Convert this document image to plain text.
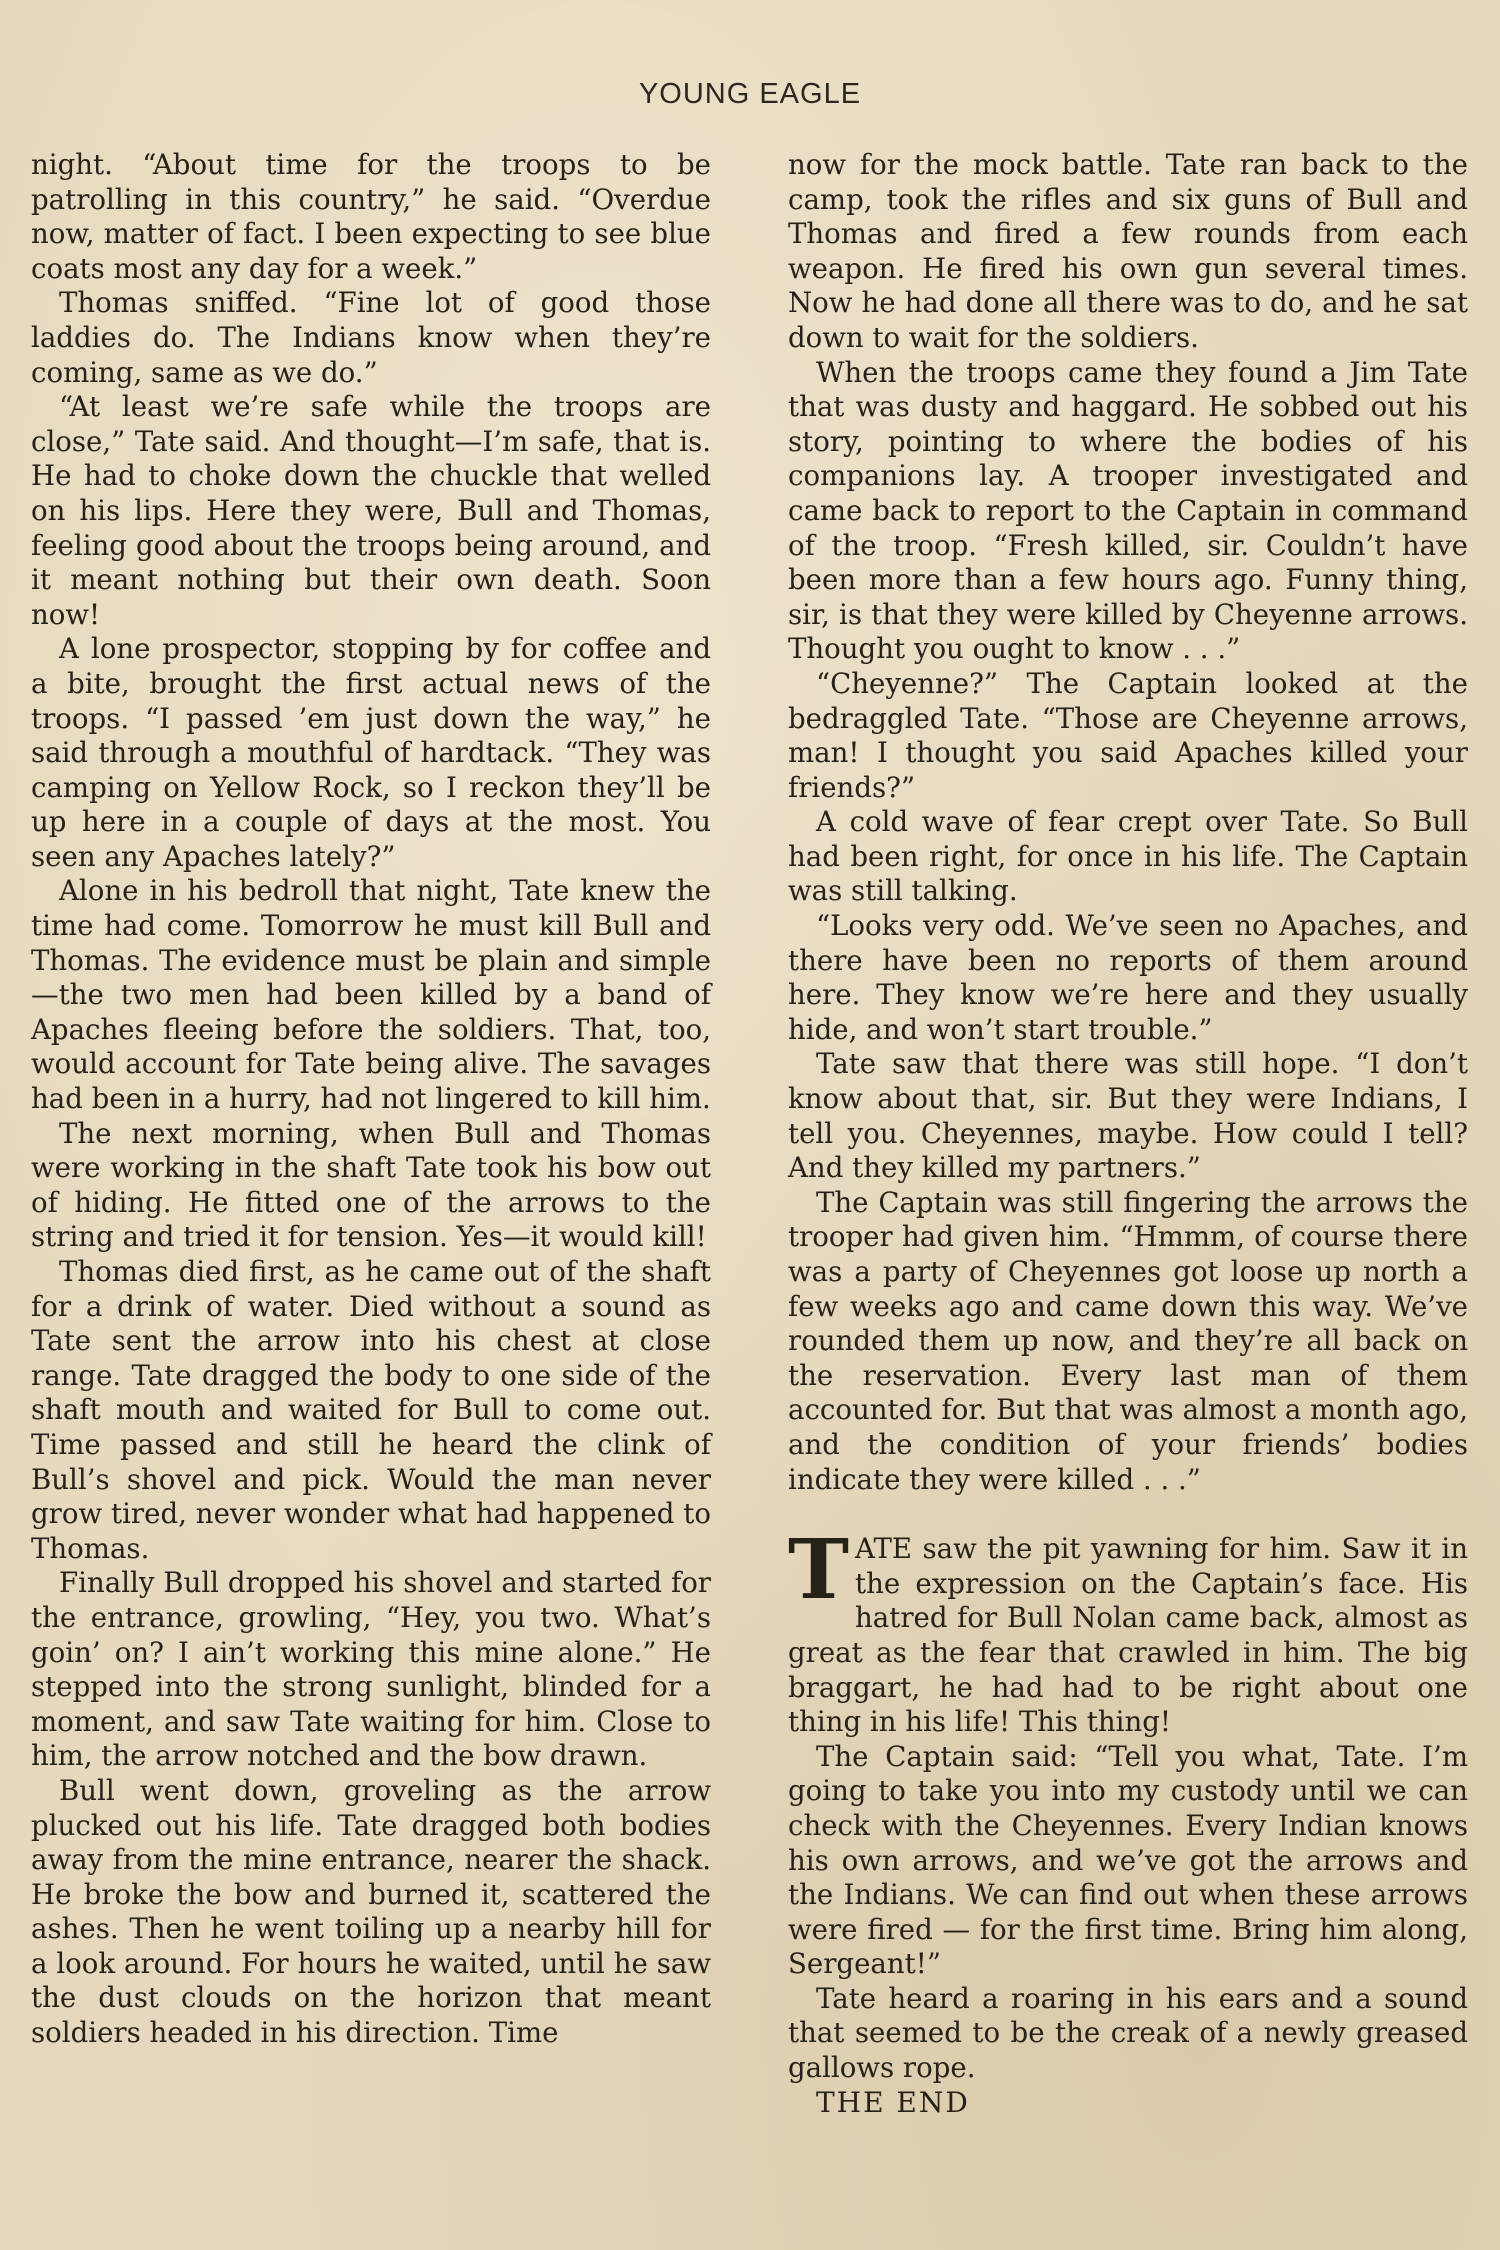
YOUNG EAGLE

night. “About time for the troops to be patrolling in this country,” he said. “Overdue now, matter of fact. I been expecting to see blue coats most any day for a week.”

Thomas sniffed. “Fine lot of good those laddies do. The Indians know when they’re coming, same as we do.”

“At least we’re safe while the troops are close,” Tate said. And thought—I’m safe, that is. He had to choke down the chuckle that welled on his lips. Here they were, Bull and Thomas, feeling good about the troops being around, and it meant nothing but their own death. Soon now!

A lone prospector, stopping by for coffee and a bite, brought the first actual news of the troops. “I passed ’em just down the way,” he said through a mouthful of hardtack. “They was camping on Yellow Rock, so I reckon they’ll be up here in a couple of days at the most. You seen any Apaches lately?”

Alone in his bedroll that night, Tate knew the time had come. Tomorrow he must kill Bull and Thomas. The evidence must be plain and simple—the two men had been killed by a band of Apaches fleeing before the soldiers. That, too, would account for Tate being alive. The savages had been in a hurry, had not lingered to kill him.

The next morning, when Bull and Thomas were working in the shaft Tate took his bow out of hiding. He fitted one of the arrows to the string and tried it for tension. Yes—it would kill!

Thomas died first, as he came out of the shaft for a drink of water. Died without a sound as Tate sent the arrow into his chest at close range. Tate dragged the body to one side of the shaft mouth and waited for Bull to come out. Time passed and still he heard the clink of Bull’s shovel and pick. Would the man never grow tired, never wonder what had happened to Thomas.

Finally Bull dropped his shovel and started for the entrance, growling, “Hey, you two. What’s goin’ on? I ain’t working this mine alone.” He stepped into the strong sunlight, blinded for a moment, and saw Tate waiting for him. Close to him, the arrow notched and the bow drawn.

Bull went down, groveling as the arrow plucked out his life. Tate dragged both bodies away from the mine entrance, nearer the shack. He broke the bow and burned it, scattered the ashes. Then he went toiling up a nearby hill for a look around. For hours he waited, until he saw the dust clouds on the horizon that meant soldiers headed in his direction. Time

now for the mock battle. Tate ran back to the camp, took the rifles and six guns of Bull and Thomas and fired a few rounds from each weapon. He fired his own gun several times. Now he had done all there was to do, and he sat down to wait for the soldiers.

When the troops came they found a Jim Tate that was dusty and haggard. He sobbed out his story, pointing to where the bodies of his companions lay. A trooper investigated and came back to report to the Captain in command of the troop. “Fresh killed, sir. Couldn’t have been more than a few hours ago. Funny thing, sir, is that they were killed by Cheyenne arrows. Thought you ought to know . . .”

“Cheyenne?” The Captain looked at the bedraggled Tate. “Those are Cheyenne arrows, man! I thought you said Apaches killed your friends?”

A cold wave of fear crept over Tate. So Bull had been right, for once in his life. The Captain was still talking.

“Looks very odd. We’ve seen no Apaches, and there have been no reports of them around here. They know we’re here and they usually hide, and won’t start trouble.”

Tate saw that there was still hope. “I don’t know about that, sir. But they were Indians, I tell you. Cheyennes, maybe. How could I tell? And they killed my partners.”

The Captain was still fingering the arrows the trooper had given him. “Hmmm, of course there was a party of Cheyennes got loose up north a few weeks ago and came down this way. We’ve rounded them up now, and they’re all back on the reservation. Every last man of them accounted for. But that was almost a month ago, and the condition of your friends’ bodies indicate they were killed . . .”

TATE saw the pit yawning for him. Saw it in the expression on the Captain’s face. His hatred for Bull Nolan came back, almost as great as the fear that crawled in him. The big braggart, he had had to be right about one thing in his life! This thing!

The Captain said: “Tell you what, Tate. I’m going to take you into my custody until we can check with the Cheyennes. Every Indian knows his own arrows, and we’ve got the arrows and the Indians. We can find out when these arrows were fired — for the first time. Bring him along, Sergeant!”

Tate heard a roaring in his ears and a sound that seemed to be the creak of a newly greased gallows rope.

THE END
